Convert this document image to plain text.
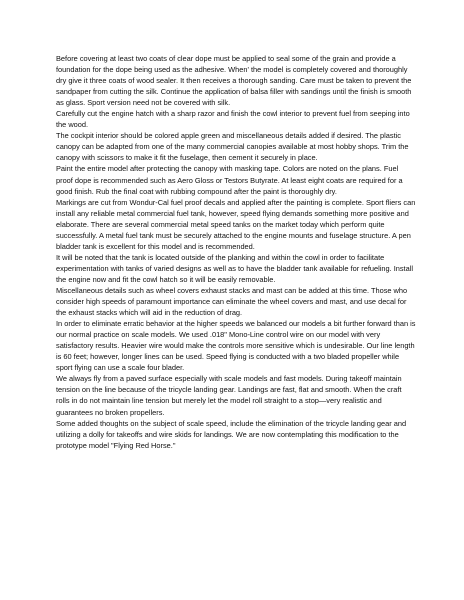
Before covering at least two coats of clear dope must be applied to seal some of the grain and provide a foundation for the dope being used as the adhesive. When' the model is completely covered and thoroughly dry give it three coats of wood sealer. It then receives a thorough sanding. Care must be taken to prevent the sandpaper from cutting the silk. Continue the application of balsa filler with sandings until the finish is smooth as glass. Sport version need not be covered with silk.

Carefully cut the engine hatch with a sharp razor and finish the cowl interior to prevent fuel from seeping into the wood.

The cockpit interior should be colored apple green and miscellaneous details added if desired. The plastic canopy can be adapted from one of the many commercial canopies available at most hobby shops. Trim the canopy with scissors to make it fit the fuselage, then cement it securely in place.

Paint the entire model after protecting the canopy with masking tape. Colors are noted on the plans. Fuel proof dope is recommended such as Aero Gloss or Testors Butyrate. At least eight coats are required for a good finish. Rub the final coat with rubbing compound after the paint is thoroughly dry.

Markings are cut from Wondur-Cal fuel proof decals and applied after the painting is complete. Sport fliers can install any reliable metal commercial fuel tank, however, speed flying demands something more positive and elaborate. There are several commercial metal speed tanks on the market today which perform quite successfully. A metal fuel tank must be securely attached to the engine mounts and fuselage structure. A pen bladder tank is excellent for this model and is recommended.

It will be noted that the tank is located outside of the planking and within the cowl in order to facilitate experimentation with tanks of varied designs as well as to have the bladder tank available for refueling. Install the engine now and fit the cowl hatch so it will be easily removable.

Miscellaneous details such as wheel covers exhaust stacks and mast can be added at this time. Those who consider high speeds of paramount importance can eliminate the wheel covers and mast, and use decal for the exhaust stacks which will aid in the reduction of drag.

In order to eliminate erratic behavior at the higher speeds we balanced our models a bit further forward than is our normal practice on scale models. We used .018" Mono-Line control wire on our model with very satisfactory results. Heavier wire would make the controls more sensitive which is undesirable. Our line length is 60 feet; however, longer lines can be used. Speed flying is conducted with a two bladed propeller while sport flying can use a scale four blader.

We always fly from a paved surface especially with scale models and fast models. During takeoff maintain tension on the line because of the tricycle landing gear. Landings are fast, flat and smooth. When the craft rolls in do not maintain line tension but merely let the model roll straight to a stop—very realistic and guarantees no broken propellers.

Some added thoughts on the subject of scale speed, include the elimination of the tricycle landing gear and utilizing a dolly for takeoffs and wire skids for landings. We are now contemplating this modification to the prototype model "Flying Red Horse."
